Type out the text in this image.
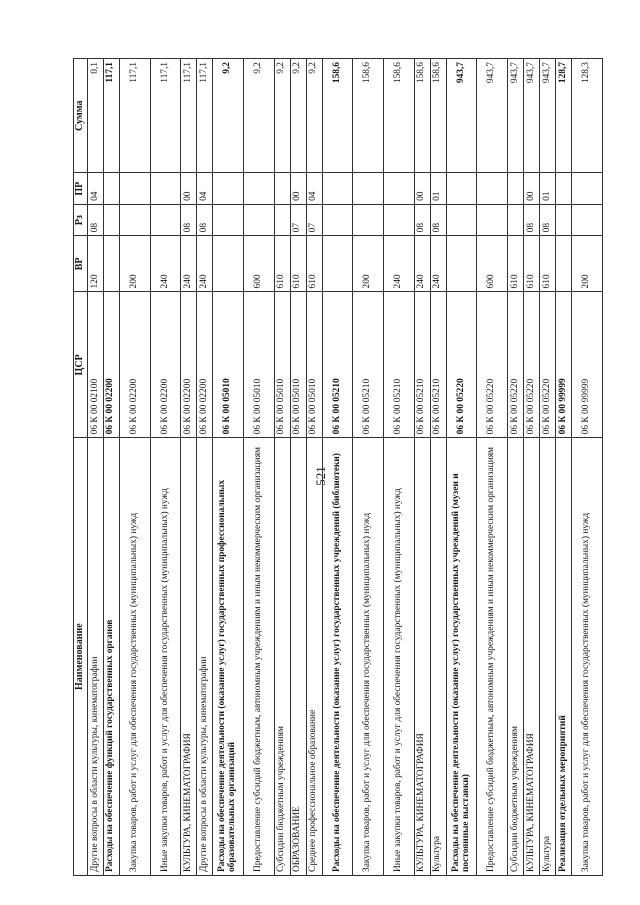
521
Наименование	ЦСР	ВР	Рз	ПР	Сумма
Другие вопросы в области культуры, кинематографии	06 К 00 02100	120	08	04	0,1
Расходы на обеспечение функций государственных органов	06 К 00 02200				117,1
Закупка товаров, работ и услуг для обеспечения государственных (муниципальных) нужд	06 К 00 02200	200			117,1
Иные закупки товаров, работ и услуг для обеспечения государственных (муниципальных) нужд	06 К 00 02200	240			117,1
КУЛЬТУРА, КИНЕМАТОГРАФИЯ	06 К 00 02200	240	08	00	117,1
Другие вопросы в области культуры, кинематографии	06 К 00 02200	240	08	04	117,1
Расходы на обеспечение деятельности (оказание услуг) государственных профессиональных образовательных организаций	06 К 00 05010				9,2
Предоставление субсидий бюджетным, автономным учреждениям и иным некоммерческим организациям	06 К 00 05010	600			9,2
Субсидии бюджетным учреждениям	06 К 00 05010	610			9,2
ОБРАЗОВАНИЕ	06 К 00 05010	610	07	00	9,2
Среднее профессиональное образование	06 К 00 05010	610	07	04	9,2
Расходы на обеспечение деятельности (оказание услуг) государственных учреждений (библиотеки)	06 К 00 05210				158,6
Закупка товаров, работ и услуг для обеспечения государственных (муниципальных) нужд	06 К 00 05210	200			158,6
Иные закупки товаров, работ и услуг для обеспечения государственных (муниципальных) нужд	06 К 00 05210	240			158,6
КУЛЬТУРА, КИНЕМАТОГРАФИЯ	06 К 00 05210	240	08	00	158,6
Культура	06 К 00 05210	240	08	01	158,6
Расходы на обеспечение деятельности (оказание услуг) государственных учреждений (музеи и постоянные выставки)	06 К 00 05220				943,7
Предоставление субсидий бюджетным, автономным учреждениям и иным некоммерческим организациям	06 К 00 05220	600			943,7
Субсидии бюджетным учреждениям	06 К 00 05220	610			943,7
КУЛЬТУРА, КИНЕМАТОГРАФИЯ	06 К 00 05220	610	08	00	943,7
Культура	06 К 00 05220	610	08	01	943,7
Реализация отдельных мероприятий	06 К 00 99999				128,7
Закупка товаров, работ и услуг для обеспечения государственных (муниципальных) нужд	06 К 00 99999	200			128,3
